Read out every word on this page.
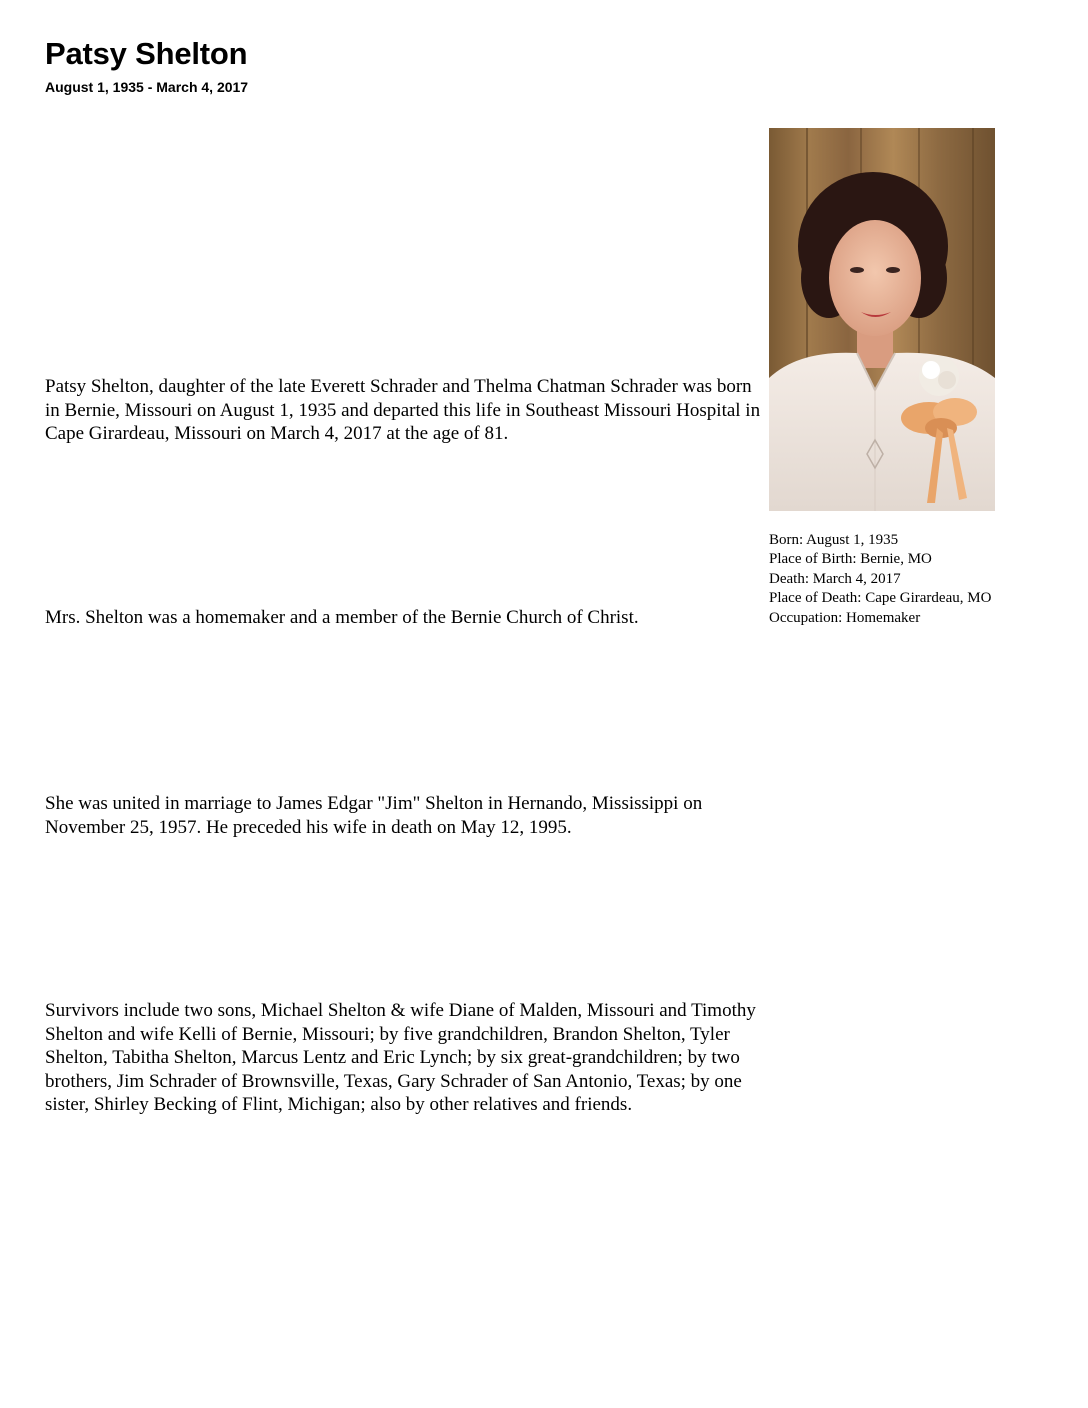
Patsy Shelton
August 1, 1935 - March 4, 2017

Patsy Shelton, daughter of the late Everett Schrader and Thelma Chatman Schrader was born in Bernie, Missouri on August 1, 1935 and departed this life in Southeast Missouri Hospital in Cape Girardeau, Missouri on March 4, 2017 at the age of 81.

Mrs. Shelton was a homemaker and a member of the Bernie Church of Christ.

She was united in marriage to James Edgar "Jim" Shelton in Hernando, Mississippi on November 25, 1957. He preceded his wife in death on May 12, 1995.

Survivors include two sons, Michael Shelton & wife Diane of Malden, Missouri and Timothy Shelton and wife Kelli of Bernie, Missouri; by five grandchildren, Brandon Shelton, Tyler Shelton, Tabitha Shelton, Marcus Lentz and Eric Lynch; by six great-grandchildren; by two brothers, Jim Schrader of Brownsville, Texas, Gary Schrader of San Antonio, Texas; by one sister, Shirley Becking of Flint, Michigan; also by other relatives and friends.

Born: August 1, 1935
Place of Birth: Bernie, MO
Death: March 4, 2017
Place of Death: Cape Girardeau, MO
Occupation: Homemaker
